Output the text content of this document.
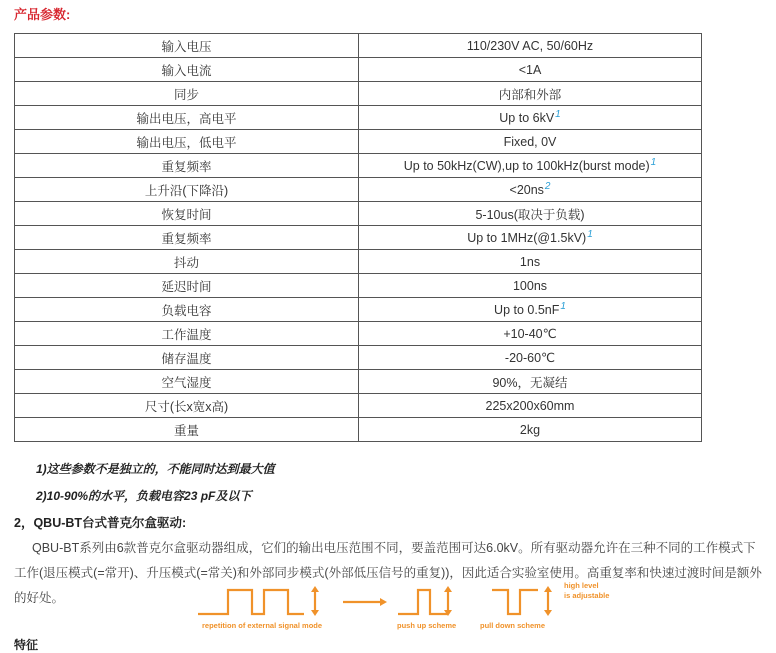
产品参数:
输入电压	110/230V AC, 50/60Hz
输入电流	<1A
同步	内部和外部
输出电压，高电平	Up to 6kV$^1$
输出电压，低电平	Fixed, 0V
重复频率	Up to 50kHz(CW),up to 100kHz(burst mode)$^1$
上升沿(下降沿)	<20ns$^2$
恢复时间	5-10us(取决于负载)
重复频率	Up to 1MHz(@1.5kV)$^1$
抖动	1ns
延迟时间	100ns
负载电容	Up to 0.5nF$^1$
工作温度	+10-40℃
储存温度	-20-60℃
空气湿度	90%，无凝结
尺寸(长x宽x高)	225x200x60mm
重量	2kg
1)这些参数不是独立的，不能同时达到最大值
2)10-90%的水平，负载电容23 pF及以下
2，QBU-BT台式普克尔盒驱动:
QBU-BT系列由6款普克尔盒驱动器组成，它们的输出电压范围不同，要盖范围可达6.0kV。所有驱动器允许在三种不同的工作模式下工作(退压模式(=常开)、升压模式(=常关)和外部同步模式(外部低压信号的重复))，因此适合实验室使用。高重复率和快速过渡时间是额外的好处。
repetition of external signal mode	push up scheme	pull down scheme
high level
is adjustable
特征
